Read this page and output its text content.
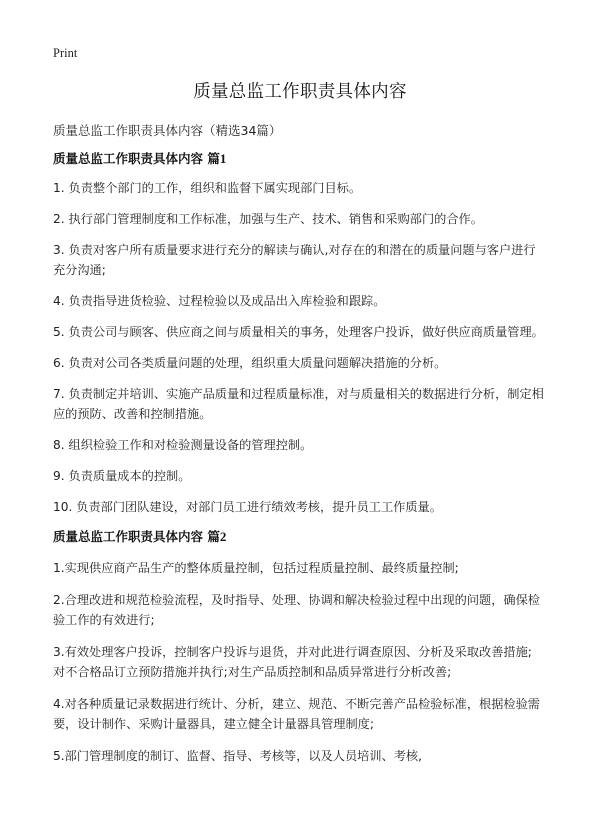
Print
质量总监工作职责具体内容
质量总监工作职责具体内容（精选34篇）

质量总监工作职责具体内容 篇1

1. 负责整个部门的工作，组织和监督下属实现部门目标。

2. 执行部门管理制度和工作标准，加强与生产、技术、销售和采购部门的合作。

3. 负责对客户所有质量要求进行充分的解读与确认,对存在的和潜在的质量问题与客户进行充分沟通;

4. 负责指导进货检验、过程检验以及成品出入库检验和跟踪。

5. 负责公司与顾客、供应商之间与质量相关的事务，处理客户投诉，做好供应商质量管理。

6. 负责对公司各类质量问题的处理，组织重大质量问题解决措施的分析。

7. 负责制定并培训、实施产品质量和过程质量标准，对与质量相关的数据进行分析，制定相应的预防、改善和控制措施。

8. 组织检验工作和对检验测量设备的管理控制。

9. 负责质量成本的控制。

10. 负责部门团队建设，对部门员工进行绩效考核，提升员工工作质量。

质量总监工作职责具体内容 篇2

1.实现供应商产品生产的整体质量控制，包括过程质量控制、最终质量控制;

2.合理改进和规范检验流程，及时指导、处理、协调和解决检验过程中出现的问题，确保检验工作的有效进行;

3.有效处理客户投诉，控制客户投诉与退货，并对此进行调查原因、分析及采取改善措施;对不合格品订立预防措施并执行;对生产品质控制和品质异常进行分析改善;

4.对各种质量记录数据进行统计、分析，建立、规范、不断完善产品检验标准，根据检验需要，设计制作、采购计量器具，建立健全计量器具管理制度;

5.部门管理制度的制订、监督、指导、考核等，以及人员培训、考核,
